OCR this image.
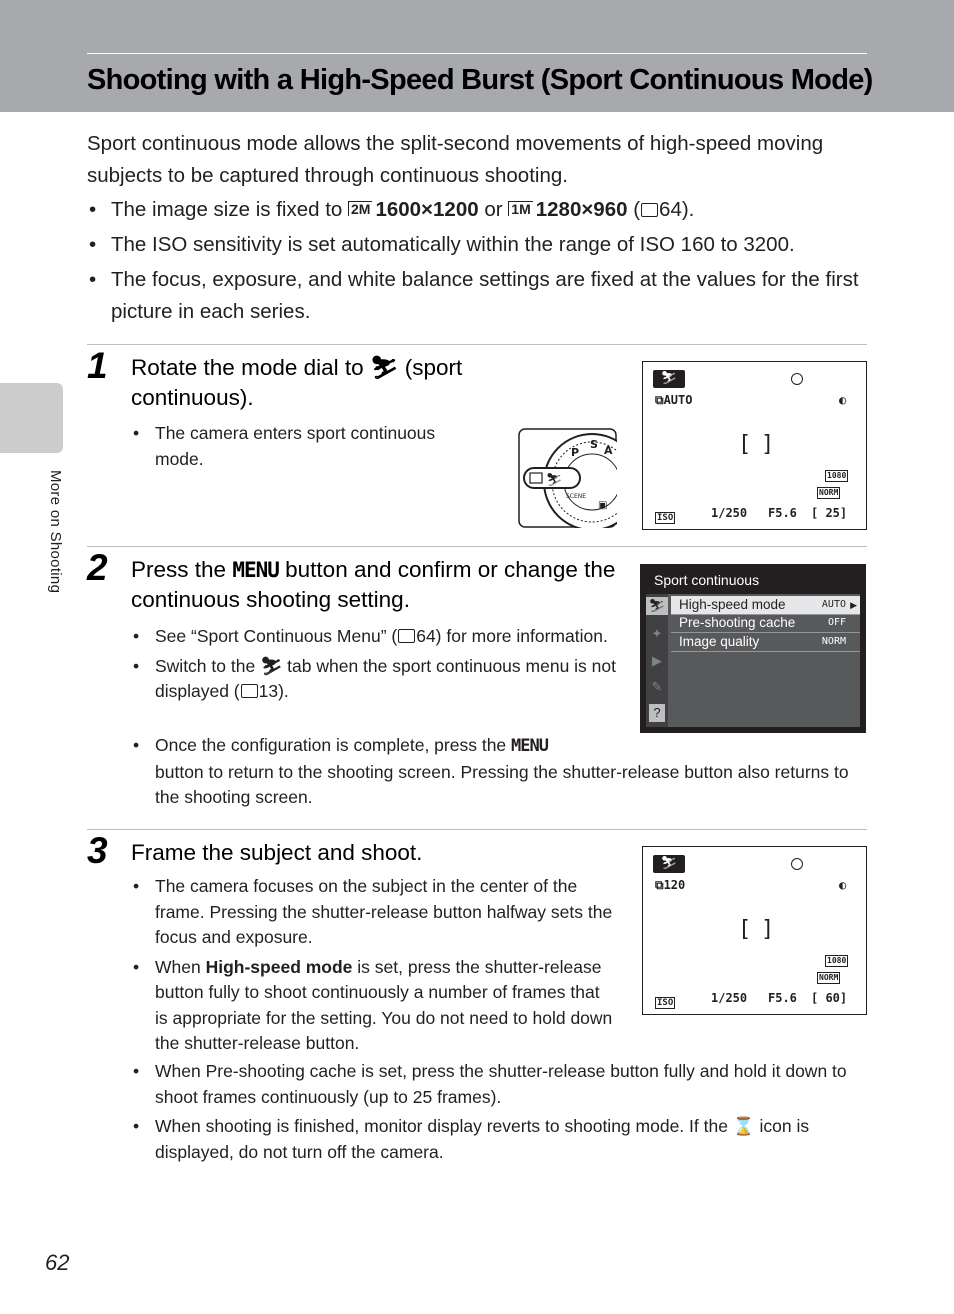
Shooting with a High-Speed Burst (Sport Continuous Mode)
More on Shooting

Sport continuous mode allows the split-second movements of high-speed moving subjects to be captured through continuous shooting.

• The image size is fixed to 2M 1600×1200 or 1M 1280×960 ( 64).
• The ISO sensitivity is set automatically within the range of ISO 160 to 3200.
• The focus, exposure, and white balance settings are fixed at the values for the first picture in each series.
1 Rotate the mode dial to ⛷ (sport continuous).
• The camera enters sport continuous mode.
S A
P
SCENE
▣
⛷
⛷
⧉AUTO	◐
[ ]
1080
NORM
ISO	1/250 F5.6 [ 25]
2 Press the MENU button and confirm or change the continuous shooting setting.
• See “Sport Continuous Menu” ( 64) for more information.
• Switch to the ⛷ tab when the sport continuous menu is not displayed ( 13).
• Once the configuration is complete, press the MENU
button to return to the shooting screen. Pressing the shutter-release button also returns to the shooting screen.
Sport continuous
⛷
✦
▶
✎
?
High-speed mode	AUTO ▶
Pre-shooting cache	OFF
Image quality	NORM
3 Frame the subject and shoot.
• The camera focuses on the subject in the center of the frame. Pressing the shutter-release button halfway sets the focus and exposure.
• When High-speed mode is set, press the shutter-release button fully to shoot continuously a number of frames that is appropriate for the setting. You do not need to hold down the shutter-release button.
• When Pre-shooting cache is set, press the shutter-release button fully and hold it down to shoot frames continuously (up to 25 frames).
• When shooting is finished, monitor display reverts to shooting mode. If the ⌛ icon is displayed, do not turn off the camera.
⛷
⧉120	◐
[ ]
1080
NORM
ISO	1/250 F5.6 [ 60]
62
